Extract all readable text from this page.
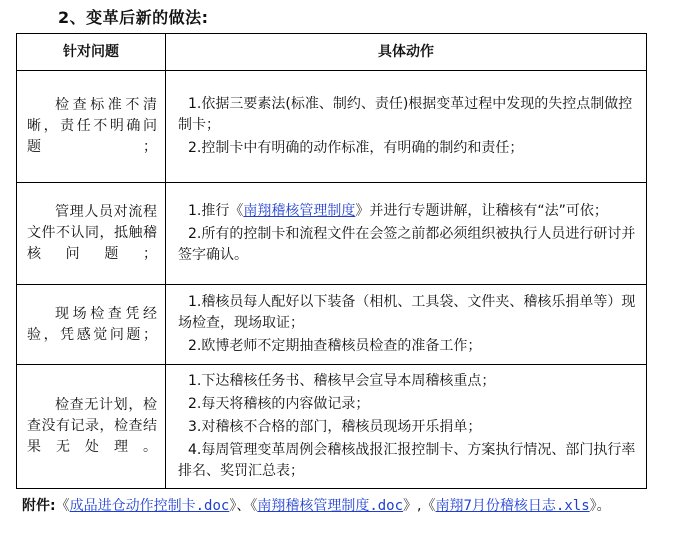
2、变革后新的做法:
针对问题	具体动作

检查标准不清晰，责任不明确问题；	1.依据三要素法(标准、制约、责任)根据变革过程中发现的失控点制做控制卡；

2.控制卡中有明确的动作标准，有明确的制约和责任；

管理人员对流程文件不认同，抵触稽核问题；	1.推行《南翔稽核管理制度》并进行专题讲解，让稽核有“法”可依；

2.所有的控制卡和流程文件在会签之前都必须组织被执行人员进行研讨并签字确认。

现场检查凭经验，凭感觉问题；	1.稽核员每人配好以下装备（相机、工具袋、文件夹、稽核乐捐单等）现场检查，现场取证；

2.欧博老师不定期抽查稽核员检查的准备工作；

检查无计划，检查没有记录，检查结果无处理。	1.下达稽核任务书、稽核早会宣导本周稽核重点；

2.每天将稽核的内容做记录；

3.对稽核不合格的部门，稽核员现场开乐捐单；

4.每周管理变革周例会稽核战报汇报控制卡、方案执行情况、部门执行率排名、奖罚汇总表；

附件:《成品进仓动作控制卡.doc》、《南翔稽核管理制度.doc》,《南翔7月份稽核日志.xls》。
